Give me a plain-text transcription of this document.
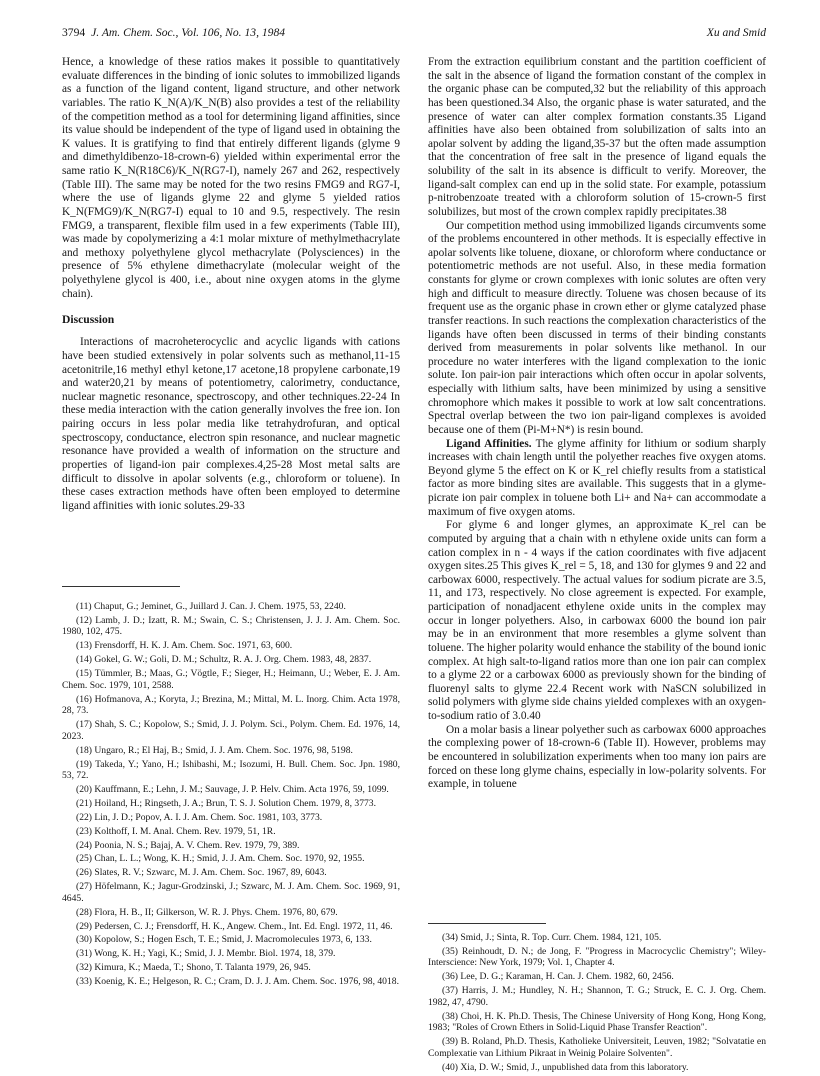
3794 J. Am. Chem. Soc., Vol. 106, No. 13, 1984	Xu and Smid

Hence, a knowledge of these ratios makes it possible to quantitatively evaluate differences in the binding of ionic solutes to immobilized ligands as a function of the ligand content, ligand structure, and other network variables. The ratio K_N(A)/K_N(B) also provides a test of the reliability of the competition method as a tool for determining ligand affinities, since its value should be independent of the type of ligand used in obtaining the K values. It is gratifying to find that entirely different ligands (glyme 9 and dimethyldibenzo-18-crown-6) yielded within experimental error the same ratio K_N(R18C6)/K_N(RG7-I), namely 267 and 262, respectively (Table III). The same may be noted for the two resins FMG9 and RG7-I, where the use of ligands glyme 22 and glyme 5 yielded ratios K_N(FMG9)/K_N(RG7-I) equal to 10 and 9.5, respectively. The resin FMG9, a transparent, flexible film used in a few experiments (Table III), was made by copolymerizing a 4:1 molar mixture of methylmethacrylate and methoxy polyethylene glycol methacrylate (Polysciences) in the presence of 5% ethylene dimethacrylate (molecular weight of the polyethylene glycol is 400, i.e., about nine oxygen atoms in the glyme chain).

Discussion

Interactions of macroheterocyclic and acyclic ligands with cations have been studied extensively in polar solvents such as methanol,11-15 acetonitrile,16 methyl ethyl ketone,17 acetone,18 propylene carbonate,19 and water20,21 by means of potentiometry, calorimetry, conductance, nuclear magnetic resonance, spectroscopy, and other techniques.22-24 In these media interaction with the cation generally involves the free ion. Ion pairing occurs in less polar media like tetrahydrofuran, and optical spectroscopy, conductance, electron spin resonance, and nuclear magnetic resonance have provided a wealth of information on the structure and properties of ligand-ion pair complexes.4,25-28 Most metal salts are difficult to dissolve in apolar solvents (e.g., chloroform or toluene). In these cases extraction methods have often been employed to determine ligand affinities with ionic solutes.29-33

(11) Chaput, G.; Jeminet, G., Juillard J. Can. J. Chem. 1975, 53, 2240.

(12) Lamb, J. D.; Izatt, R. M.; Swain, C. S.; Christensen, J. J. J. Am. Chem. Soc. 1980, 102, 475.

(13) Frensdorff, H. K. J. Am. Chem. Soc. 1971, 63, 600.

(14) Gokel, G. W.; Goli, D. M.; Schultz, R. A. J. Org. Chem. 1983, 48, 2837.

(15) Tümmler, B.; Maas, G.; Vögtle, F.; Sieger, H.; Heimann, U.; Weber, E. J. Am. Chem. Soc. 1979, 101, 2588.

(16) Hofmanova, A.; Koryta, J.; Brezina, M.; Mittal, M. L. Inorg. Chim. Acta 1978, 28, 73.

(17) Shah, S. C.; Kopolow, S.; Smid, J. J. Polym. Sci., Polym. Chem. Ed. 1976, 14, 2023.

(18) Ungaro, R.; El Haj, B.; Smid, J. J. Am. Chem. Soc. 1976, 98, 5198.

(19) Takeda, Y.; Yano, H.; Ishibashi, M.; Isozumi, H. Bull. Chem. Soc. Jpn. 1980, 53, 72.

(20) Kauffmann, E.; Lehn, J. M.; Sauvage, J. P. Helv. Chim. Acta 1976, 59, 1099.

(21) Hoiland, H.; Ringseth, J. A.; Brun, T. S. J. Solution Chem. 1979, 8, 3773.

(22) Lin, J. D.; Popov, A. I. J. Am. Chem. Soc. 1981, 103, 3773.

(23) Kolthoff, I. M. Anal. Chem. Rev. 1979, 51, 1R.

(24) Poonia, N. S.; Bajaj, A. V. Chem. Rev. 1979, 79, 389.

(25) Chan, L. L.; Wong, K. H.; Smid, J. J. Am. Chem. Soc. 1970, 92, 1955.

(26) Slates, R. V.; Szwarc, M. J. Am. Chem. Soc. 1967, 89, 6043.

(27) Höfelmann, K.; Jagur-Grodzinski, J.; Szwarc, M. J. Am. Chem. Soc. 1969, 91, 4645.

(28) Flora, H. B., II; Gilkerson, W. R. J. Phys. Chem. 1976, 80, 679.

(29) Pedersen, C. J.; Frensdorff, H. K., Angew. Chem., Int. Ed. Engl. 1972, 11, 46.

(30) Kopolow, S.; Hogen Esch, T. E.; Smid, J. Macromolecules 1973, 6, 133.

(31) Wong, K. H.; Yagi, K.; Smid, J. J. Membr. Biol. 1974, 18, 379.

(32) Kimura, K.; Maeda, T.; Shono, T. Talanta 1979, 26, 945.

(33) Koenig, K. E.; Helgeson, R. C.; Cram, D. J. J. Am. Chem. Soc. 1976, 98, 4018.

From the extraction equilibrium constant and the partition coefficient of the salt in the absence of ligand the formation constant of the complex in the organic phase can be computed,32 but the reliability of this approach has been questioned.34 Also, the organic phase is water saturated, and the presence of water can alter complex formation constants.35 Ligand affinities have also been obtained from solubilization of salts into an apolar solvent by adding the ligand,35-37 but the often made assumption that the concentration of free salt in the presence of ligand equals the solubility of the salt in its absence is difficult to verify. Moreover, the ligand-salt complex can end up in the solid state. For example, potassium p-nitrobenzoate treated with a chloroform solution of 15-crown-5 first solubilizes, but most of the crown complex rapidly precipitates.38

Our competition method using immobilized ligands circumvents some of the problems encountered in other methods. It is especially effective in apolar solvents like toluene, dioxane, or chloroform where conductance or potentiometric methods are not useful. Also, in these media formation constants for glyme or crown complexes with ionic solutes are often very high and difficult to measure directly. Toluene was chosen because of its frequent use as the organic phase in crown ether or glyme catalyzed phase transfer reactions. In such reactions the complexation characteristics of the ligands have often been discussed in terms of their binding constants derived from measurements in polar solvents like methanol. In our procedure no water interferes with the ligand complexation to the ionic solute. Ion pair-ion pair interactions which often occur in apolar solvents, especially with lithium salts, have been minimized by using a sensitive chromophore which makes it possible to work at low salt concentrations. Spectral overlap between the two ion pair-ligand complexes is avoided because one of them (Pi-M+N*) is resin bound.

Ligand Affinities. The glyme affinity for lithium or sodium sharply increases with chain length until the polyether reaches five oxygen atoms. Beyond glyme 5 the effect on K or K_rel chiefly results from a statistical factor as more binding sites are available. This suggests that in a glyme-picrate ion pair complex in toluene both Li+ and Na+ can accommodate a maximum of five oxygen atoms.

For glyme 6 and longer glymes, an approximate K_rel can be computed by arguing that a chain with n ethylene oxide units can form a cation complex in n - 4 ways if the cation coordinates with five adjacent oxygen sites.25 This gives K_rel = 5, 18, and 130 for glymes 9 and 22 and carbowax 6000, respectively. The actual values for sodium picrate are 3.5, 11, and 173, respectively. No close agreement is expected. For example, participation of nonadjacent ethylene oxide units in the complex may occur in longer polyethers. Also, in carbowax 6000 the bound ion pair may be in an environment that more resembles a glyme solvent than toluene. The higher polarity would enhance the stability of the bound ionic complex. At high salt-to-ligand ratios more than one ion pair can complex to a glyme 22 or a carbowax 6000 as previously shown for the binding of fluorenyl salts to glyme 22.4 Recent work with NaSCN solubilized in solid polymers with glyme side chains yielded complexes with an oxygen-to-sodium ratio of 3.0.40

On a molar basis a linear polyether such as carbowax 6000 approaches the complexing power of 18-crown-6 (Table II). However, problems may be encountered in solubilization experiments when too many ion pairs are forced on these long glyme chains, especially in low-polarity solvents. For example, in toluene

(34) Smid, J.; Sinta, R. Top. Curr. Chem. 1984, 121, 105.

(35) Reinhoudt, D. N.; de Jong, F. "Progress in Macrocyclic Chemistry"; Wiley-Interscience: New York, 1979; Vol. 1, Chapter 4.

(36) Lee, D. G.; Karaman, H. Can. J. Chem. 1982, 60, 2456.

(37) Harris, J. M.; Hundley, N. H.; Shannon, T. G.; Struck, E. C. J. Org. Chem. 1982, 47, 4790.

(38) Choi, H. K. Ph.D. Thesis, The Chinese University of Hong Kong, Hong Kong, 1983; "Roles of Crown Ethers in Solid-Liquid Phase Transfer Reaction".

(39) B. Roland, Ph.D. Thesis, Katholieke Universiteit, Leuven, 1982; "Solvatatie en Complexatie van Lithium Pikraat in Weinig Polaire Solventen".

(40) Xia, D. W.; Smid, J., unpublished data from this laboratory.
